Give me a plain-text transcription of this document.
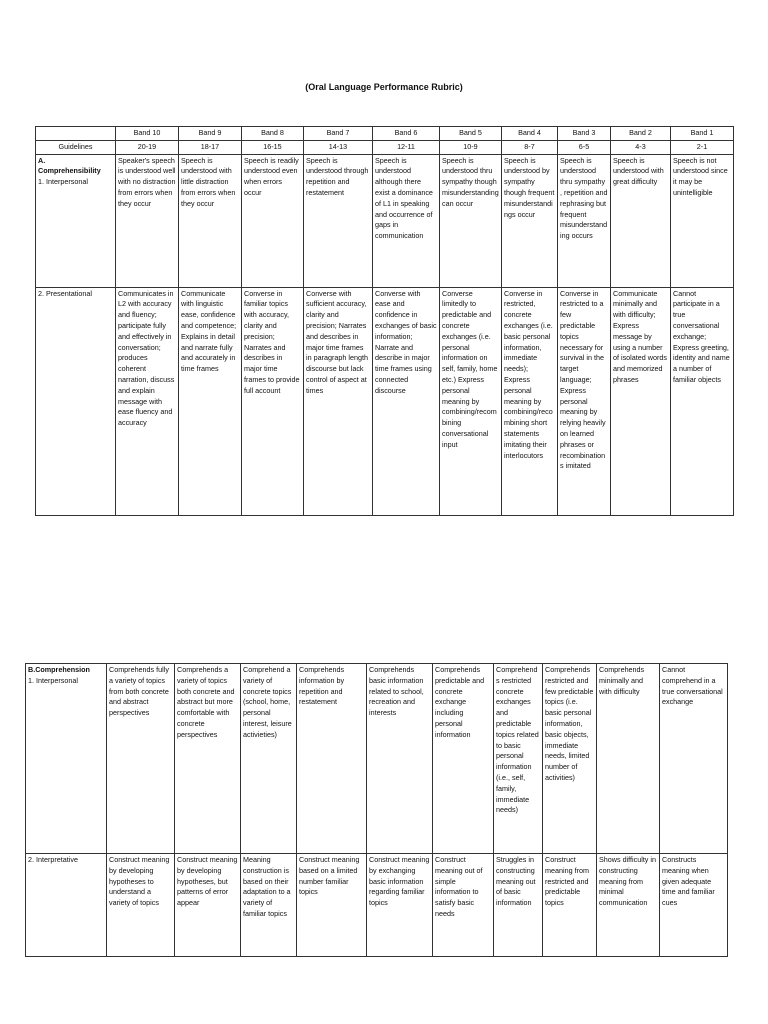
(Oral Language Performance Rubric)
	Band 10	Band 9	Band 8	Band 7	Band 6	Band 5	Band 4	Band 3	Band 2	Band 1
Guidelines	20-19	18-17	16-15	14-13	12-11	10-9	8-7	6-5	4-3	2-1

A.
Comprehensibility
1. Interpersonal	Speaker's speech is understood well with no distraction from errors when they occur	Speech is understood with little distraction from errors when they occur	Speech is readily understood even when errors occur	Speech is understood through repetition and restatement	Speech is understood although there exist a dominance of L1 in speaking and occurrence of gaps in communication	Speech is understood thru sympathy though misunderstanding can occur	Speech is understood by sympathy though frequent misunderstandings occur	Speech is understood thru sympathy , repetition and rephrasing but frequent misunderstanding occurs	Speech is understood with great difficulty	Speech is not understood since it may be unintelligible
2. Presentational	Communicates in L2 with accuracy and fluency; participate fully and effectively in conversation; produces coherent narration, discuss and explain message with ease fluency and accuracy	Communicate with linguistic ease, confidence and competence; Explains in detail and narrate fully and accurately in time frames	Converse in familiar topics with accuracy, clarity and precision; Narrates and describes in major time frames to provide full account	Converse with sufficient accuracy, clarity and precision; Narrates and describes in major time frames in paragraph length discourse but lack control of aspect at times	Converse with ease and confidence in exchanges of basic information; Narrate and describe in major time frames using connected discourse	Converse limitedly to predictable and concrete exchanges (i.e. personal information on self, family, home etc.) Express personal meaning by combining/recombining conversational input	Converse in restricted, concrete exchanges (i.e. basic personal information, immediate needs); Express personal meaning by combining/recombining short statements imitating their interlocutors	Converse in restricted to a few predictable topics necessary for survival in the target language; Express personal meaning by relying heavily on learned phrases or recombinations imitated	Communicate minimally and with difficulty; Express message by using a number of isolated words and memorized phrases	Cannot participate in a true conversational exchange; Express greeting, identity and name a number of familiar objects
B.Comprehension
1. Interpersonal	Comprehends fully a variety of topics from both concrete and abstract perspectives	Comprehends a variety of topics both concrete and abstract but more comfortable with concrete perspectives	Comprehend a variety of concrete topics (school, home, personal interest, leisure activieties)	Comprehends information by repetition and restatement	Comprehends basic information related to school, recreation and interests	Comprehends predictable and concrete exchange including personal information	Comprehends restricted concrete exchanges and predictable topics related to basic personal information (i.e., self, family, immediate needs)	Comprehends restricted and few predictable topics (i.e. basic personal information, basic objects, immediate needs, limited number of activities)	Comprehends minimally and with difficulty	Cannot comprehend in a true conversational exchange
2. Interpretative	Construct meaning by developing hypotheses to understand a variety of topics	Construct meaning by developing hypotheses, but patterns of error appear	Meaning construction is based on their adaptation to a variety of familiar topics	Construct meaning based on a limited number familiar topics	Construct meaning by exchanging basic information regarding familiar topics	Construct meaning out of simple information to satisfy basic needs	Struggles in constructing meaning out of basic information	Construct meaning from restricted and predictable topics	Shows difficulty in constructing meaning from minimal communication	Constructs meaning when given adequate time and familiar cues
